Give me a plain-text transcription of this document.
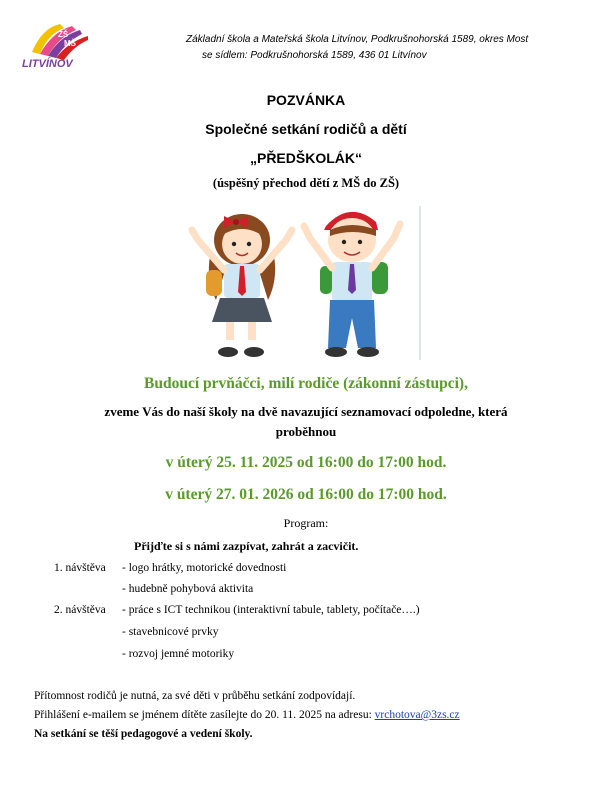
ZŠ
MŠ
LITVÍNOV
Základní škola a Mateřská škola Litvínov, Podkrušnohorská 1589, okres Most
se sídlem: Podkrušnohorská 1589, 436 01 Litvínov
POZVÁNKA
Společné setkání rodičů a dětí
„PŘEDŠKOLÁK“
(úspěšný přechod dětí z MŠ do ZŠ)
Budoucí prvňáčci, milí rodiče (zákonní zástupci),
zveme Vás do naší školy na dvě navazující seznamovací odpoledne, která
proběhnou
v úterý 25. 11. 2025 od 16:00 do 17:00 hod.
v úterý 27. 01. 2026 od 16:00 do 17:00 hod.
Program:
Přijďte si s námi zazpívat, zahrát a zacvičit.
1. návštěva - logo hrátky, motorické dovednosti
- hudebně pohybová aktivita
2. návštěva - práce s ICT technikou (interaktivní tabule, tablety, počítače….)
- stavebnicové prvky
- rozvoj jemné motoriky
Přítomnost rodičů je nutná, za své děti v průběhu setkání zodpovídají.
Přihlášení e-mailem se jménem dítěte zasílejte do 20. 11. 2025 na adresu: vrchotova@3zs.cz
Na setkání se těší pedagogové a vedení školy.
